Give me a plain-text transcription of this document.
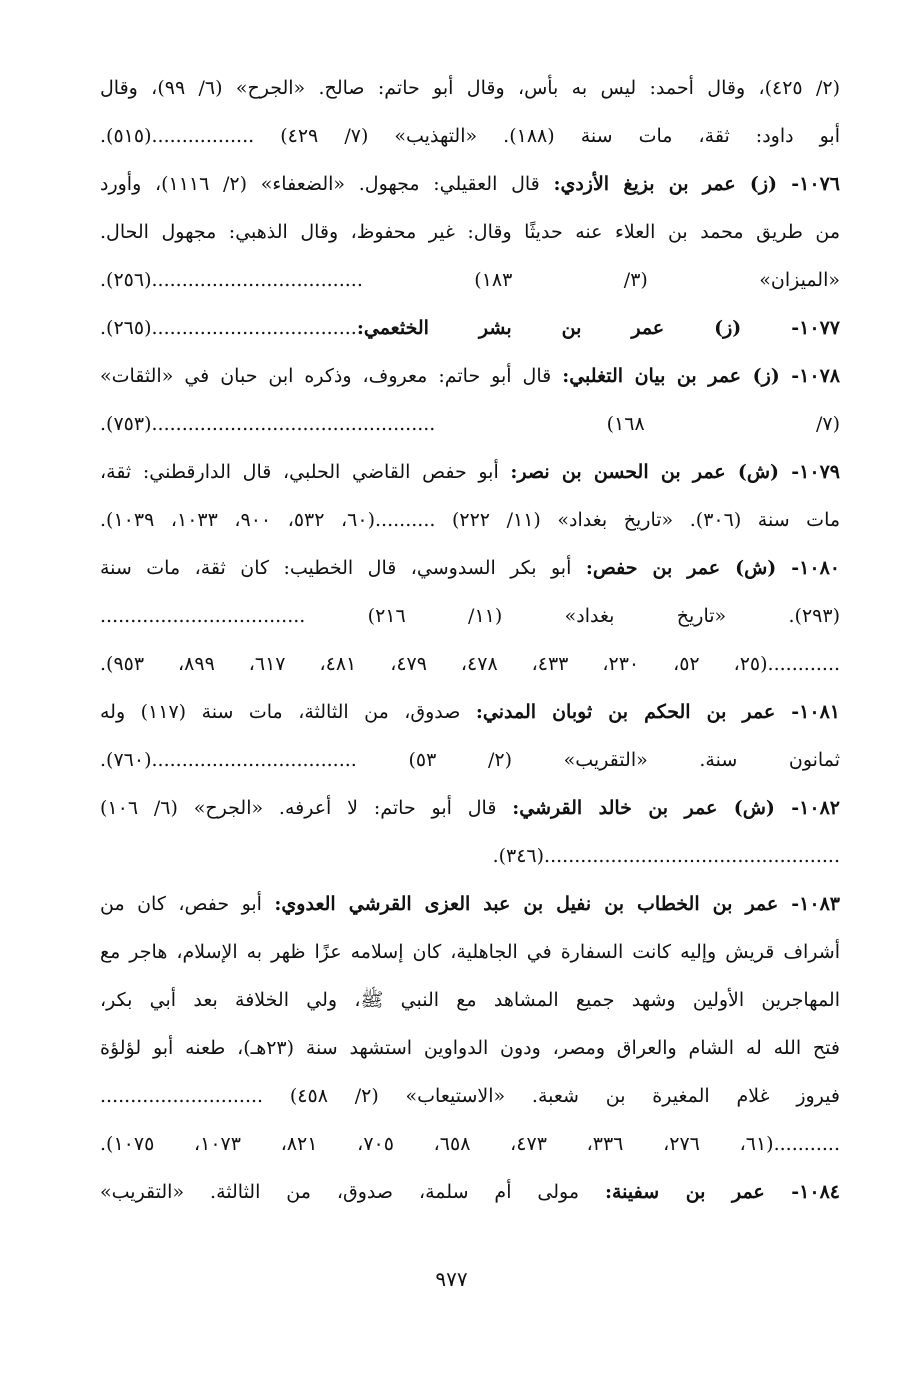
(٢/ ٤٢٥)، وقال أحمد: ليس به بأس، وقال أبو حاتم: صالح. «الجرح» (٦/ ٩٩)، وقال
أبو داود: ثقة، مات سنة (١٨٨). «التهذيب» (٧/ ٤٢٩) .................(٥١٥).
١٠٧٦- (ز) عمر بن بزيغ الأزدي: قال العقيلي: مجهول. «الضعفاء» (٢/ ١١١٦)، وأورد
من طريق محمد بن العلاء عنه حديثًا وقال: غير محفوظ، وقال الذهبي: مجهول الحال.
«الميزان» (٣/ ١٨٣) ...................................(٢٥٦).
١٠٧٧- (ز) عمر بن بشر الخثعمي:..................................(٢٦٥).
١٠٧٨- (ز) عمر بن بيان التغلبي: قال أبو حاتم: معروف، وذكره ابن حبان في «الثقات»
(٧/ ١٦٨) ...............................................(٧٥٣).
١٠٧٩- (ش) عمر بن الحسن بن نصر: أبو حفص القاضي الحلبي، قال الدارقطني: ثقة،
مات سنة (٣٠٦). «تاريخ بغداد» (١١/ ٢٢٢) ..........(٦٠، ٥٣٢، ٩٠٠، ١٠٣٣، ١٠٣٩).
١٠٨٠- (ش) عمر بن حفص: أبو بكر السدوسي، قال الخطيب: كان ثقة، مات سنة
(٢٩٣). «تاريخ بغداد» (١١/ ٢١٦) ..................................
............(٢٥، ٥٢، ٢٣٠، ٤٣٣، ٤٧٨، ٤٧٩، ٤٨١، ٦١٧، ٨٩٩، ٩٥٣).
١٠٨١- عمر بن الحكم بن ثوبان المدني: صدوق، من الثالثة، مات سنة (١١٧) وله
ثمانون سنة. «التقريب» (٢/ ٥٣) ..................................(٧٦٠).
١٠٨٢- (ش) عمر بن خالد القرشي: قال أبو حاتم: لا أعرفه. «الجرح» (٦/ ١٠٦)
.................................................(٣٤٦).
١٠٨٣- عمر بن الخطاب بن نفيل بن عبد العزى القرشي العدوي: أبو حفص، كان من
أشراف قريش وإليه كانت السفارة في الجاهلية، كان إسلامه عزًا ظهر به الإسلام، هاجر مع
المهاجرين الأولين وشهد جميع المشاهد مع النبي ﷺ، ولي الخلافة بعد أبي بكر،
فتح الله له الشام والعراق ومصر، ودون الدواوين استشهد سنة (٢٣هـ)، طعنه أبو لؤلؤة
فيروز غلام المغيرة بن شعبة. «الاستيعاب» (٢/ ٤٥٨) ...........................
...........(٦١، ٢٧٦، ٣٣٦، ٤٧٣، ٦٥٨، ٧٠٥، ٨٢١، ١٠٧٣، ١٠٧٥).
١٠٨٤- عمر بن سفينة: مولى أم سلمة، صدوق، من الثالثة. «التقريب»
٩٧٧
